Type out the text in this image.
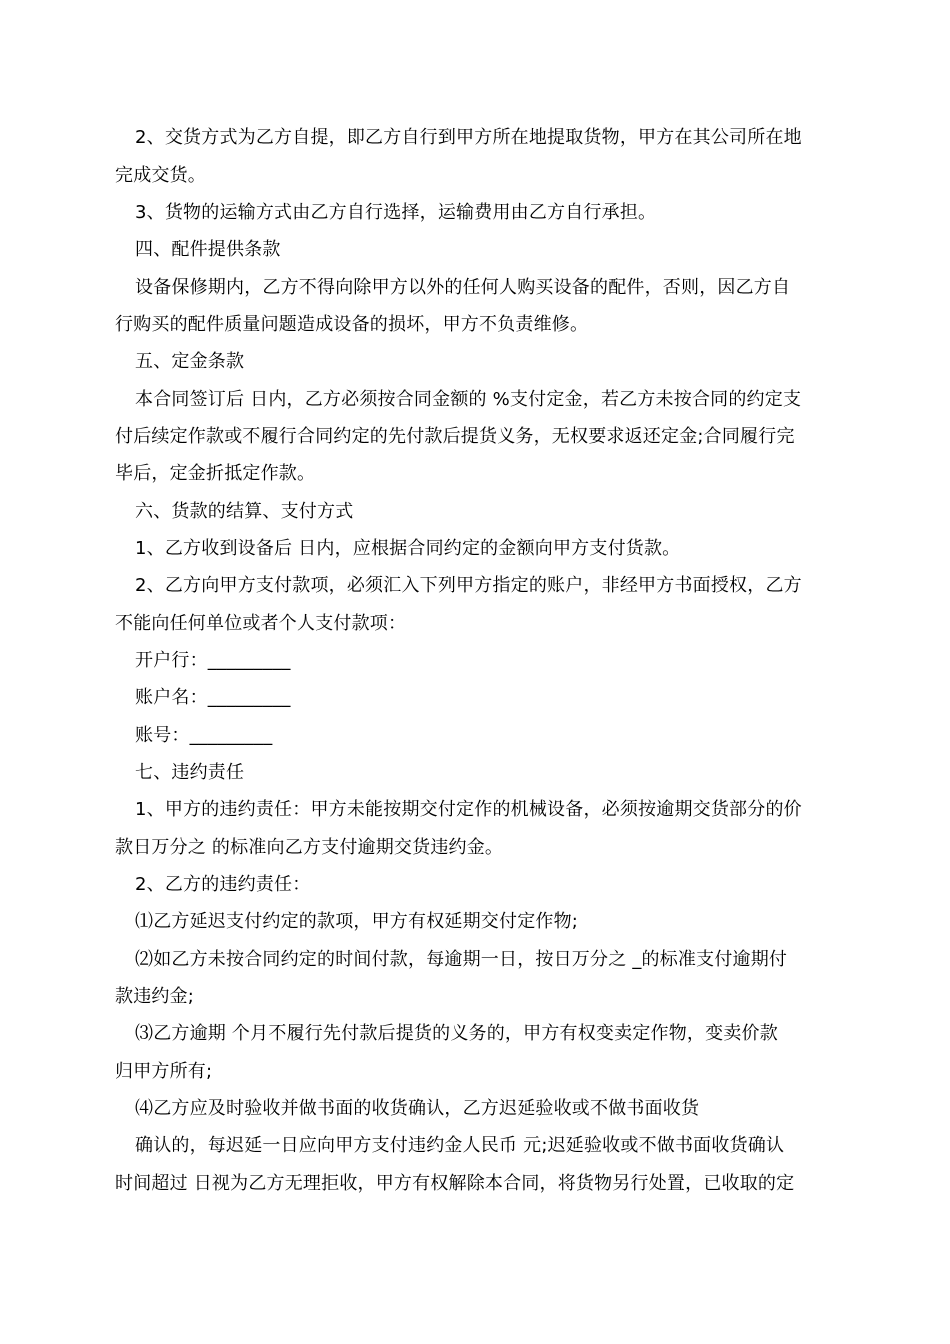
2、交货方式为乙方自提，即乙方自行到甲方所在地提取货物，甲方在其公司所在地
完成交货。
3、货物的运输方式由乙方自行选择，运输费用由乙方自行承担。
四、配件提供条款
设备保修期内，乙方不得向除甲方以外的任何人购买设备的配件，否则，因乙方自
行购买的配件质量问题造成设备的损坏，甲方不负责维修。
五、定金条款
本合同签订后 日内，乙方必须按合同金额的 %支付定金，若乙方未按合同的约定支
付后续定作款或不履行合同约定的先付款后提货义务，无权要求返还定金;合同履行完
毕后，定金折抵定作款。
六、货款的结算、支付方式
1、乙方收到设备后 日内，应根据合同约定的金额向甲方支付货款。
2、乙方向甲方支付款项，必须汇入下列甲方指定的账户，非经甲方书面授权，乙方
不能向任何单位或者个人支付款项：
开户行：_________
账户名：_________
账号：_________
七、违约责任
1、甲方的违约责任：甲方未能按期交付定作的机械设备，必须按逾期交货部分的价
款日万分之 的标准向乙方支付逾期交货违约金。
2、乙方的违约责任：
⑴乙方延迟支付约定的款项，甲方有权延期交付定作物;
⑵如乙方未按合同约定的时间付款，每逾期一日，按日万分之 _的标准支付逾期付
款违约金;
⑶乙方逾期 个月不履行先付款后提货的义务的，甲方有权变卖定作物，变卖价款
归甲方所有;
⑷乙方应及时验收并做书面的收货确认，乙方迟延验收或不做书面收货
确认的，每迟延一日应向甲方支付违约金人民币 元;迟延验收或不做书面收货确认
时间超过 日视为乙方无理拒收，甲方有权解除本合同，将货物另行处置，已收取的定
